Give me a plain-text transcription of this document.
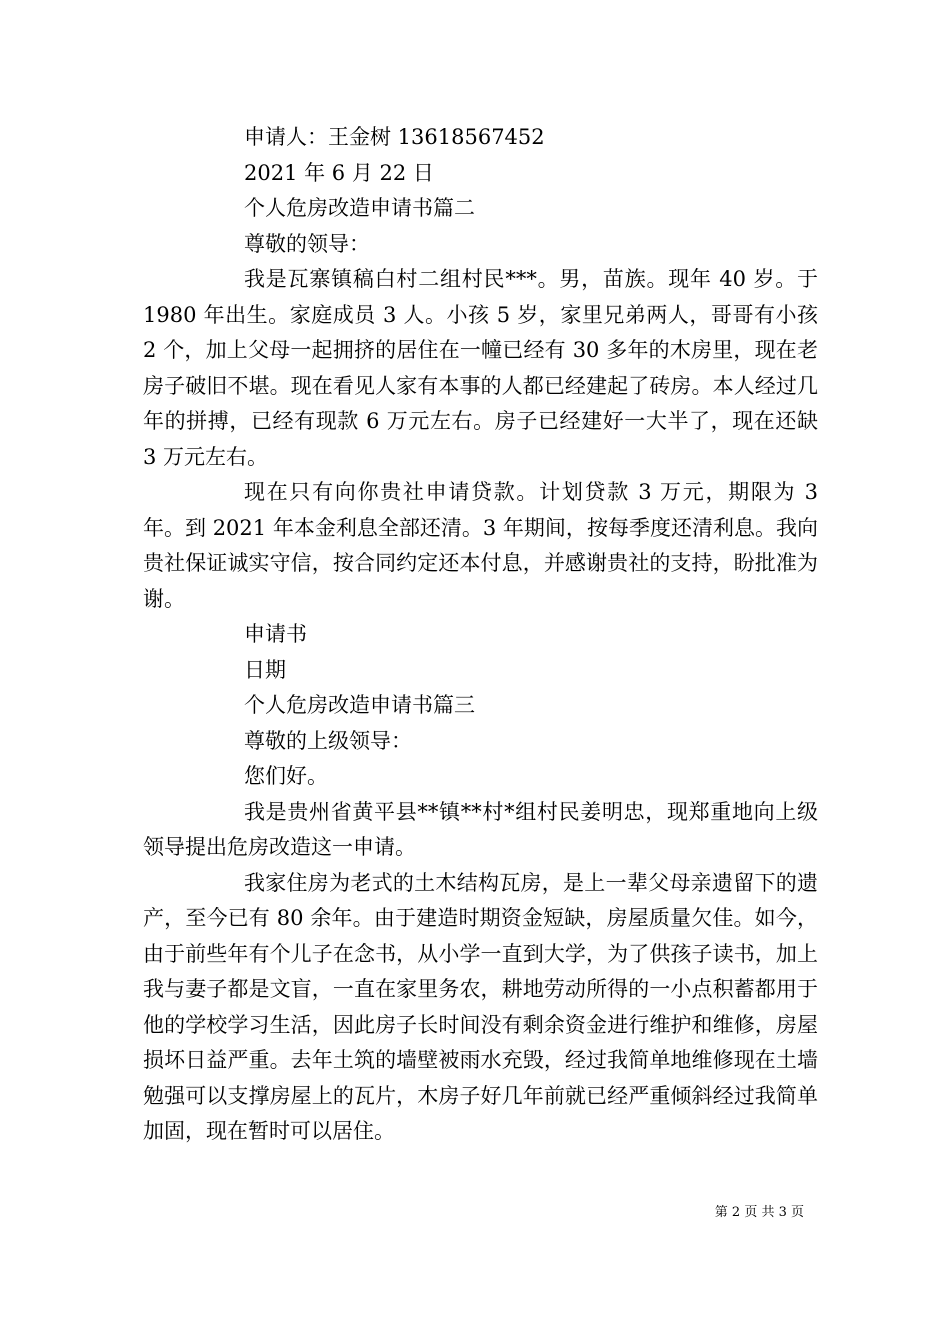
申请人：王金树 13618567452

2021 年 6 月 22 日

个人危房改造申请书篇二

尊敬的领导：

我是瓦寨镇稿白村二组村民***。男，苗族。现年 40 岁。于 1980 年出生。家庭成员 3 人。小孩 5 岁，家里兄弟两人，哥哥有小孩 2 个，加上父母一起拥挤的居住在一幢已经有 30 多年的木房里，现在老房子破旧不堪。现在看见人家有本事的人都已经建起了砖房。本人经过几年的拼搏，已经有现款 6 万元左右。房子已经建好一大半了，现在还缺 3 万元左右。

现在只有向你贵社申请贷款。计划贷款 3 万元，期限为 3 年。到 2021 年本金利息全部还清。3 年期间，按每季度还清利息。我向贵社保证诚实守信，按合同约定还本付息，并感谢贵社的支持，盼批准为谢。

申请书

日期

个人危房改造申请书篇三

尊敬的上级领导：

您们好。

我是贵州省黄平县**镇**村*组村民姜明忠，现郑重地向上级领导提出危房改造这一申请。

我家住房为老式的土木结构瓦房，是上一辈父母亲遗留下的遗产，至今已有 80 余年。由于建造时期资金短缺，房屋质量欠佳。如今，由于前些年有个儿子在念书，从小学一直到大学，为了供孩子读书，加上我与妻子都是文盲，一直在家里务农，耕地劳动所得的一小点积蓄都用于他的学校学习生活，因此房子长时间没有剩余资金进行维护和维修，房屋损坏日益严重。去年土筑的墙壁被雨水充毁，经过我简单地维修现在土墙勉强可以支撑房屋上的瓦片，木房子好几年前就已经严重倾斜经过我简单加固，现在暂时可以居住。

第 2 页 共 3 页
